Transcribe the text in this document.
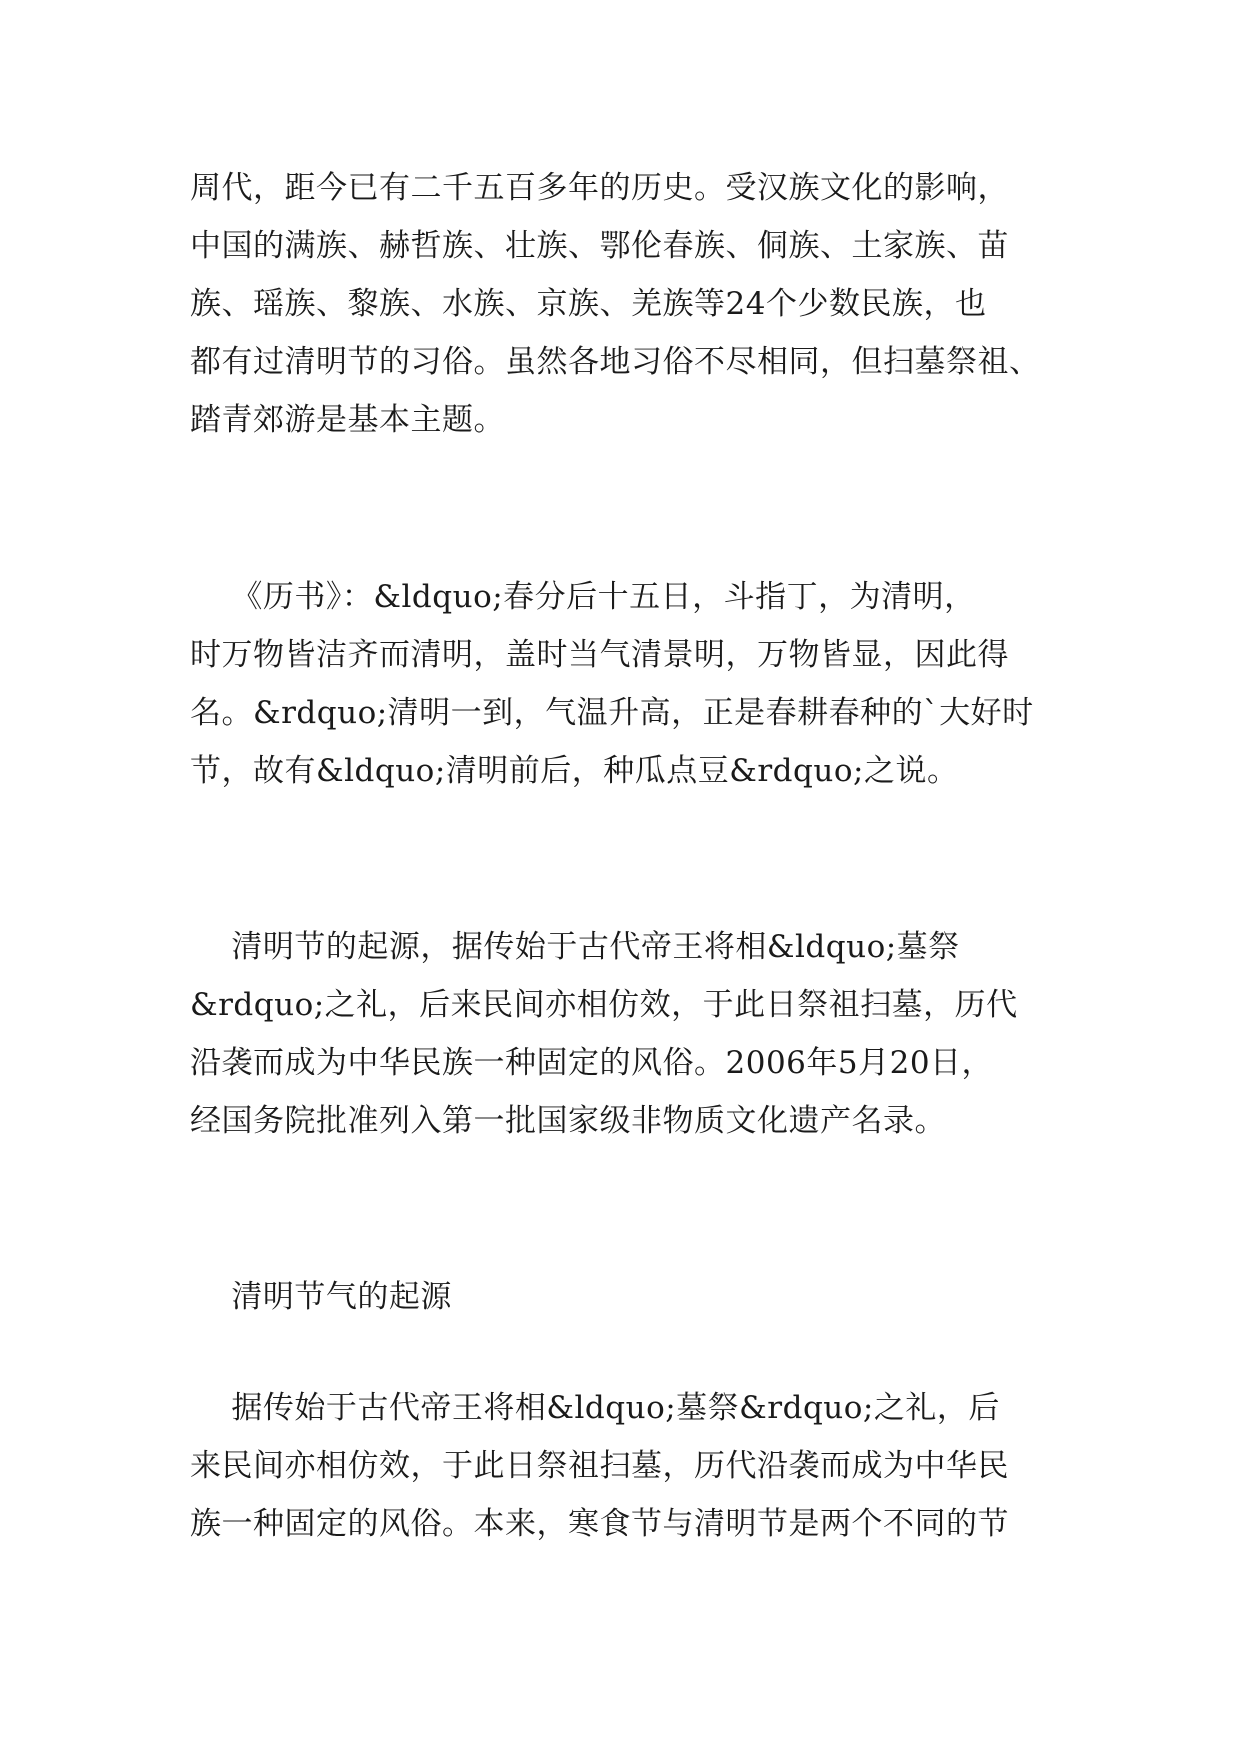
周代，距今已有二千五百多年的历史。受汉族文化的影响，
中国的满族、赫哲族、壮族、鄂伦春族、侗族、土家族、苗
族、瑶族、黎族、水族、京族、羌族等24个少数民族，也
都有过清明节的习俗。虽然各地习俗不尽相同，但扫墓祭祖、
踏青郊游是基本主题。
《历书》：&ldquo;春分后十五日，斗指丁，为清明，
时万物皆洁齐而清明，盖时当气清景明，万物皆显，因此得
名。&rdquo;清明一到，气温升高，正是春耕春种的`大好时
节，故有&ldquo;清明前后，种瓜点豆&rdquo;之说。
清明节的起源，据传始于古代帝王将相&ldquo;墓祭
&rdquo;之礼，后来民间亦相仿效，于此日祭祖扫墓，历代
沿袭而成为中华民族一种固定的风俗。2006年5月20日，
经国务院批准列入第一批国家级非物质文化遗产名录。
清明节气的起源
据传始于古代帝王将相&ldquo;墓祭&rdquo;之礼，后
来民间亦相仿效，于此日祭祖扫墓，历代沿袭而成为中华民
族一种固定的风俗。本来，寒食节与清明节是两个不同的节
